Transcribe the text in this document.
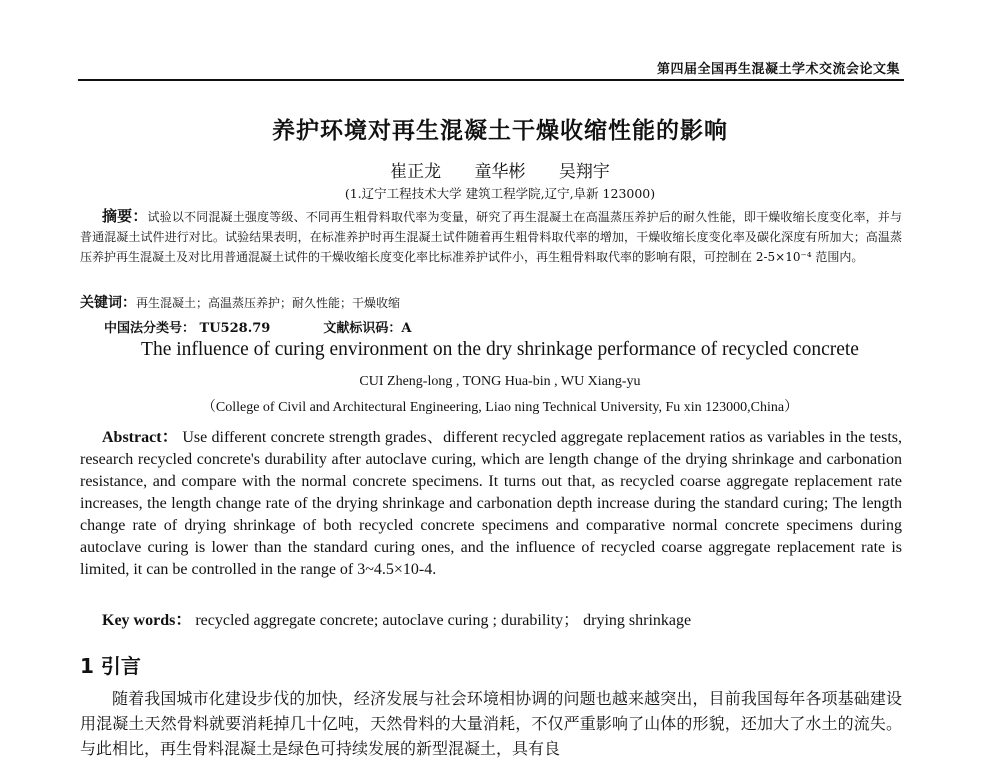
第四届全国再生混凝土学术交流会论文集
养护环境对再生混凝土干燥收缩性能的影响
崔正龙 童华彬 吴翔宇
(1.辽宁工程技术大学 建筑工程学院,辽宁,阜新 123000)
摘要：试验以不同混凝土强度等级、不同再生粗骨料取代率为变量，研究了再生混凝土在高温蒸压养护后的耐久性能，即干燥收缩长度变化率，并与普通混凝土试件进行对比。试验结果表明，在标准养护时再生混凝土试件随着再生粗骨料取代率的增加，干燥收缩长度变化率及碳化深度有所加大；高温蒸压养护再生混凝土及对比用普通混凝土试件的干燥收缩长度变化率比标准养护试件小，再生粗骨料取代率的影响有限，可控制在 2-5×10⁻⁴ 范围内。
关键词：再生混凝土；高温蒸压养护；耐久性能；干燥收缩
中国法分类号： TU528.79	文献标识码：A
The influence of curing environment on the dry shrinkage performance of recycled concrete
CUI Zheng-long , TONG Hua-bin , WU Xiang-yu
（College of Civil and Architectural Engineering, Liao ning Technical University, Fu xin 123000,China）
Abstract： Use different concrete strength grades、different recycled aggregate replacement ratios as variables in the tests, research recycled concrete's durability after autoclave curing, which are length change of the drying shrinkage and carbonation resistance, and compare with the normal concrete specimens. It turns out that, as recycled coarse aggregate replacement rate increases, the length change rate of the drying shrinkage and carbonation depth increase during the standard curing; The length change rate of drying shrinkage of both recycled concrete specimens and comparative normal concrete specimens during autoclave curing is lower than the standard curing ones, and the influence of recycled coarse aggregate replacement rate is limited, it can be controlled in the range of 3~4.5×10-4.
Key words： recycled aggregate concrete; autoclave curing ; durability； drying shrinkage
1 引言
随着我国城市化建设步伐的加快，经济发展与社会环境相协调的问题也越来越突出，目前我国每年各项基础建设用混凝土天然骨料就要消耗掉几十亿吨，天然骨料的大量消耗，不仅严重影响了山体的形貌，还加大了水土的流失。与此相比，再生骨料混凝土是绿色可持续发展的新型混凝土，具有良
